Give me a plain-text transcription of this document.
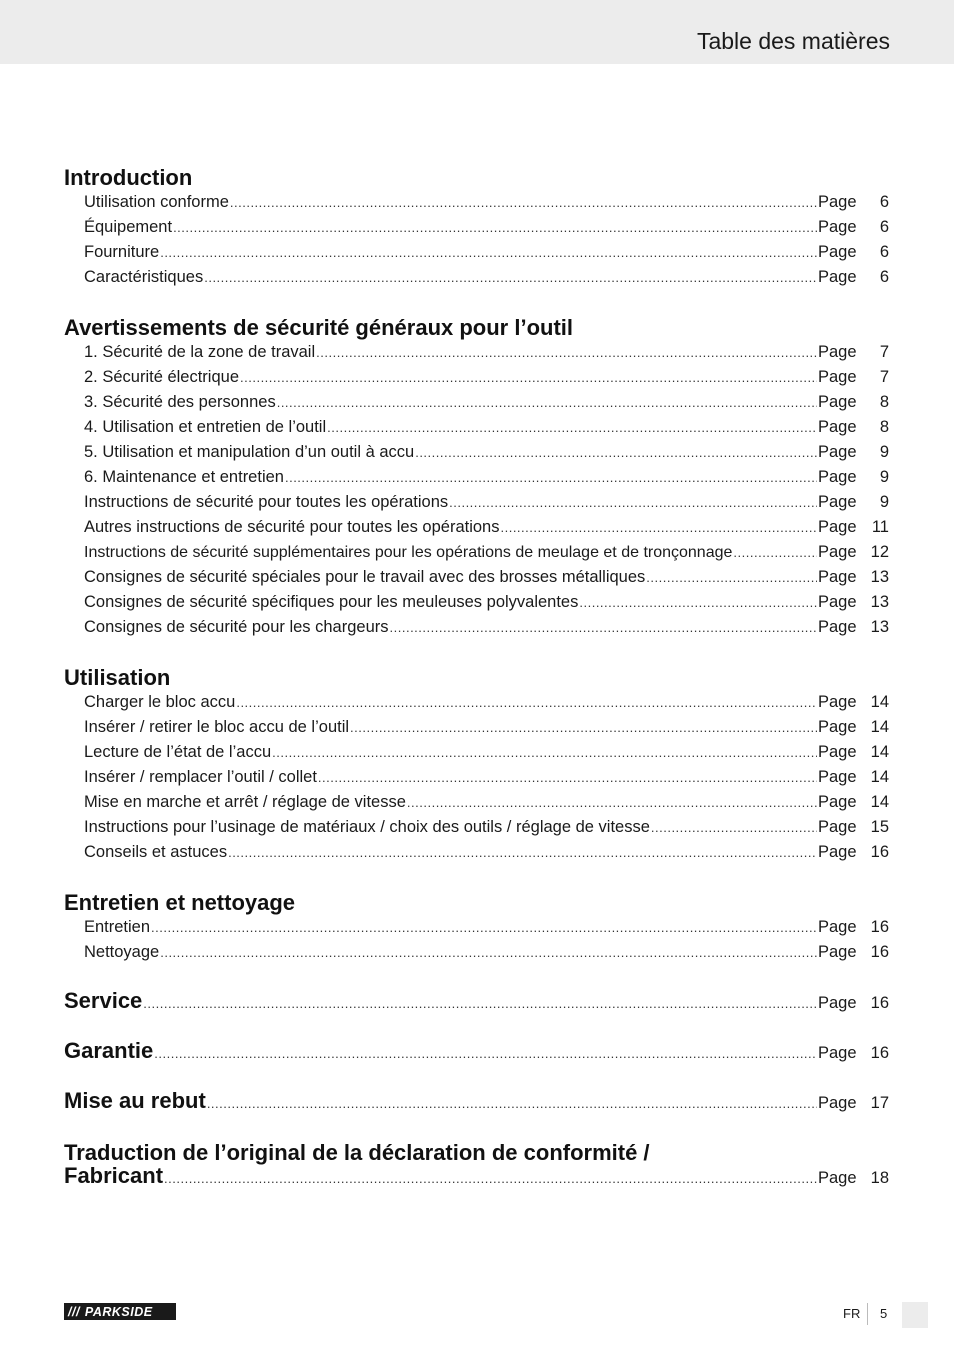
Table des matières
Introduction
Utilisation conforme .....	Page	6
Équipement .....	Page	6
Fourniture .....	Page	6
Caractéristiques .....	Page	6
Avertissements de sécurité généraux pour l’outil
1. Sécurité de la zone de travail .....	Page	7
2. Sécurité électrique .....	Page	7
3. Sécurité des personnes .....	Page	8
4. Utilisation et entretien de l’outil .....	Page	8
5. Utilisation et manipulation d’un outil à accu .....	Page	9
6. Maintenance et entretien .....	Page	9
Instructions de sécurité pour toutes les opérations .....	Page	9
Autres instructions de sécurité pour toutes les opérations .....	Page 11
Instructions de sécurité supplémentaires pour les opérations de meulage et de tronçonnage .....	Page 12
Consignes de sécurité spéciales pour le travail avec des brosses métalliques .....	Page 13
Consignes de sécurité spécifiques pour les meuleuses polyvalentes .....	Page 13
Consignes de sécurité pour les chargeurs .....	Page 13
Utilisation
Charger le bloc accu .....	Page 14
Insérer / retirer le bloc accu de l’outil .....	Page 14
Lecture de l’état de l’accu .....	Page 14
Insérer / remplacer l’outil / collet .....	Page 14
Mise en marche et arrêt / réglage de vitesse .....	Page 14
Instructions pour l’usinage de matériaux / choix des outils / réglage de vitesse .....	Page 15
Conseils et astuces .....	Page 16
Entretien et nettoyage
Entretien .....	Page 16
Nettoyage .....	Page 16
Service .....	Page 16
Garantie .....	Page 16
Mise au rebut .....	Page 17
Traduction de l’original de la déclaration de conformité /
Fabricant .....	Page 18
/// PARKSIDE	FR 5
